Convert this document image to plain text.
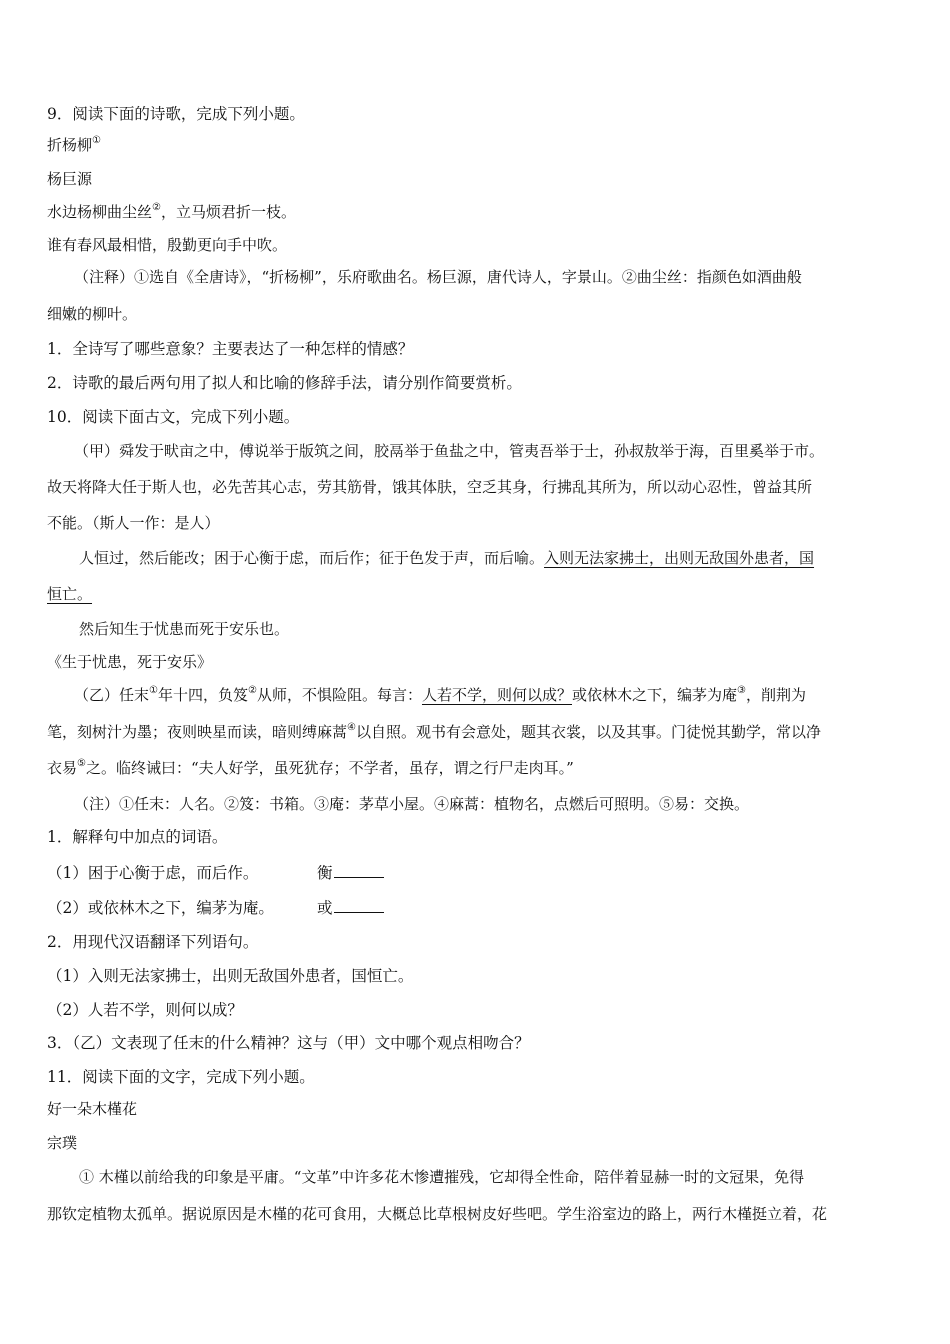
9．阅读下面的诗歌，完成下列小题。
折杨柳①
杨巨源
水边杨柳曲尘丝②，立马烦君折一枝。
谁有春风最相惜，殷勤更向手中吹。
（注释）①选自《全唐诗》，“折杨柳”，乐府歌曲名。杨巨源，唐代诗人，字景山。②曲尘丝：指颜色如酒曲般
细嫩的柳叶。
1．全诗写了哪些意象？主要表达了一种怎样的情感？
2．诗歌的最后两句用了拟人和比喻的修辞手法，请分别作简要赏析。
10．阅读下面古文，完成下列小题。
（甲）舜发于畎亩之中，傅说举于版筑之间，胶鬲举于鱼盐之中，管夷吾举于士，孙叔敖举于海，百里奚举于市。
故天将降大任于斯人也，必先苦其心志，劳其筋骨，饿其体肤，空乏其身，行拂乱其所为，所以动心忍性，曾益其所
不能。（斯人一作：是人）
人恒过，然后能改；困于心衡于虑，而后作；征于色发于声，而后喻。入则无法家拂士，出则无敌国外患者，国
恒亡。
然后知生于忧患而死于安乐也。
《生于忧患，死于安乐》
（乙）任末①年十四，负笈②从师，不惧险阻。每言：人若不学，则何以成？或依林木之下，编茅为庵③，削荆为
笔，刻树汁为墨；夜则映星而读，暗则缚麻蒿④以自照。观书有会意处，题其衣裳，以及其事。门徒悦其勤学，常以净
衣易⑤之。临终诫曰：“夫人好学，虽死犹存；不学者，虽存，谓之行尸走肉耳。”
（注）①任末：人名。②笈：书箱。③庵：茅草小屋。④麻蒿：植物名，点燃后可照明。⑤易：交换。
1．解释句中加点的词语。
（1）困于心衡于虑，而后作。	衡
（2）或依林木之下，编茅为庵。	或
2．用现代汉语翻译下列语句。
（1）入则无法家拂士，出则无敌国外患者，国恒亡。
（2）人若不学，则何以成？
3．（乙）文表现了任末的什么精神？这与（甲）文中哪个观点相吻合？
11．阅读下面的文字，完成下列小题。
好一朵木槿花
宗璞
① 木槿以前给我的印象是平庸。“文革”中许多花木惨遭摧残，它却得全性命，陪伴着显赫一时的文冠果，免得
那钦定植物太孤单。据说原因是木槿的花可食用，大概总比草根树皮好些吧。学生浴室边的路上，两行木槿挺立着，花
